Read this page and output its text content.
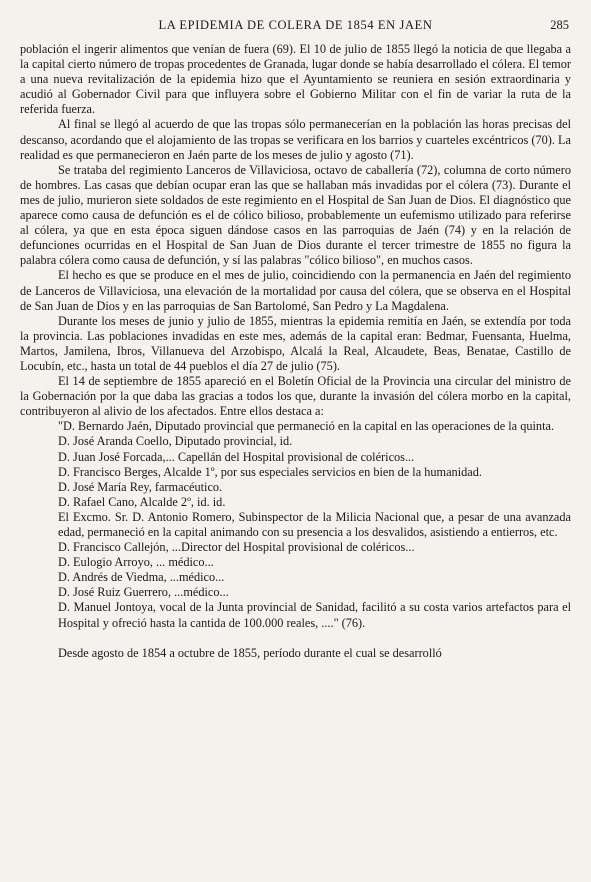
LA EPIDEMIA DE COLERA DE 1854 EN JAEN	285

población el ingerir alimentos que venían de fuera (69). El 10 de julio de 1855 llegó la noticia de que llegaba a la capital cierto número de tropas procedentes de Granada, lugar donde se había desarrollado el cólera. El temor a una nueva revitalización de la epidemia hizo que el Ayuntamiento se reuniera en sesión extraordinaria y acudió al Gobernador Civil para que influyera sobre el Gobierno Militar con el fin de variar la ruta de la referida fuerza.

Al final se llegó al acuerdo de que las tropas sólo permanecerían en la población las horas precisas del descanso, acordando que el alojamiento de las tropas se verificara en los barrios y cuarteles excéntricos (70). La realidad es que permanecieron en Jaén parte de los meses de julio y agosto (71).

Se trataba del regimiento Lanceros de Villaviciosa, octavo de caballería (72), columna de corto número de hombres. Las casas que debían ocupar eran las que se hallaban más invadidas por el cólera (73). Durante el mes de julio, murieron siete soldados de este regimiento en el Hospital de San Juan de Dios. El diagnóstico que aparece como causa de defunción es el de cólico bilioso, probablemente un eufemismo utilizado para referirse al cólera, ya que en esta época siguen dándose casos en las parroquias de Jaén (74) y en la relación de defunciones ocurridas en el Hospital de San Juan de Dios durante el tercer trimestre de 1855 no figura la palabra cólera como causa de defunción, y sí las palabras "cólico bilioso", en muchos casos.

El hecho es que se produce en el mes de julio, coincidiendo con la permanencia en Jaén del regimiento de Lanceros de Villaviciosa, una elevación de la mortalidad por causa del cólera, que se observa en el Hospital de San Juan de Dios y en las parroquias de San Bartolomé, San Pedro y La Magdalena.

Durante los meses de junio y julio de 1855, mientras la epidemia remitía en Jaén, se extendía por toda la provincia. Las poblaciones invadidas en este mes, además de la capital eran: Bedmar, Fuensanta, Huelma, Martos, Jamilena, Ibros, Villanueva del Arzobispo, Alcalá la Real, Alcaudete, Beas, Benatae, Castillo de Locubín, etc., hasta un total de 44 pueblos el día 27 de julio (75).

El 14 de septiembre de 1855 apareció en el Boletín Oficial de la Provincia una circular del ministro de la Gobernación por la que daba las gracias a todos los que, durante la invasión del cólera morbo en la capital, contribuyeron al alivio de los afectados. Entre ellos destaca a:

"D. Bernardo Jaén, Diputado provincial que permaneció en la capital en las operaciones de la quinta.

D. José Aranda Coello, Diputado provincial, id.

D. Juan José Forcada,... Capellán del Hospital provisional de coléricos...

D. Francisco Berges, Alcalde 1º, por sus especiales servicios en bien de la humanidad.

D. José María Rey, farmacéutico.

D. Rafael Cano, Alcalde 2º, id. id.

El Excmo. Sr. D. Antonio Romero, Subinspector de la Milicia Nacional que, a pesar de una avanzada edad, permaneció en la capital animando con su presencia a los desvalidos, asistiendo a entierros, etc.

D. Francisco Callejón, ...Director del Hospital provisional de coléricos...

D. Eulogio Arroyo, ... médico...

D. Andrés de Viedma, ...médico...

D. José Ruiz Guerrero, ...médico...

D. Manuel Jontoya, vocal de la Junta provincial de Sanidad, facilitó a su costa varios artefactos para el Hospital y ofreció hasta la cantida de 100.000 reales, ...." (76).

Desde agosto de 1854 a octubre de 1855, período durante el cual se desarrolló
